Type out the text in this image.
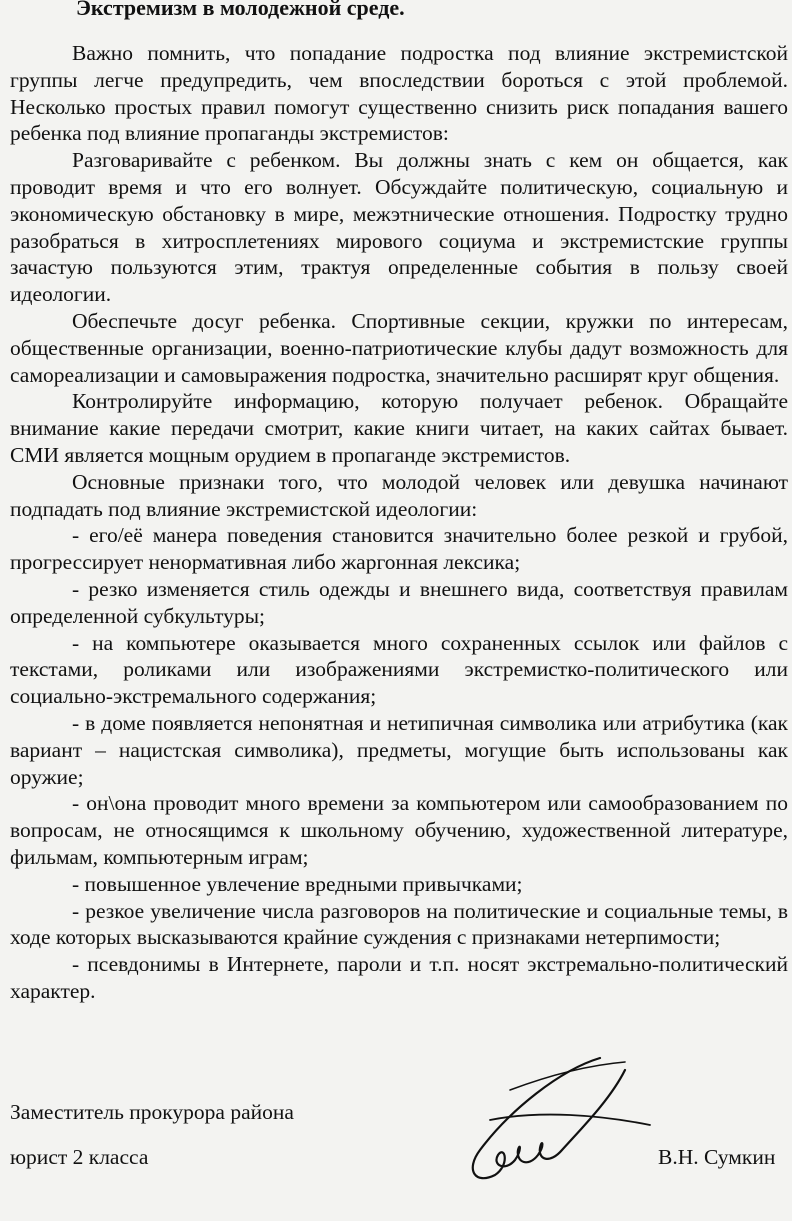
Экстремизм в молодежной среде.

Важно помнить, что попадание подростка под влияние экстремистской группы легче предупредить, чем впоследствии бороться с этой проблемой. Несколько простых правил помогут существенно снизить риск попадания вашего ребенка под влияние пропаганды экстремистов:

Разговаривайте с ребенком. Вы должны знать с кем он общается, как проводит время и что его волнует. Обсуждайте политическую, социальную и экономическую обстановку в мире, межэтнические отношения. Подростку трудно разобраться в хитросплетениях мирового социума и экстремистские группы зачастую пользуются этим, трактуя определенные события в пользу своей идеологии.

Обеспечьте досуг ребенка. Спортивные секции, кружки по интересам, общественные организации, военно-патриотические клубы дадут возможность для самореализации и самовыражения подростка, значительно расширят круг общения.

Контролируйте информацию, которую получает ребенок. Обращайте внимание какие передачи смотрит, какие книги читает, на каких сайтах бывает. СМИ является мощным орудием в пропаганде экстремистов.

Основные признаки того, что молодой человек или девушка начинают подпадать под влияние экстремистской идеологии:

- его/её манера поведения становится значительно более резкой и грубой, прогрессирует ненормативная либо жаргонная лексика;

- резко изменяется стиль одежды и внешнего вида, соответствуя правилам определенной субкультуры;

- на компьютере оказывается много сохраненных ссылок или файлов с текстами, роликами или изображениями экстремистко-политического или социально-экстремального содержания;

- в доме появляется непонятная и нетипичная символика или атрибутика (как вариант – нацистская символика), предметы, могущие быть использованы как оружие;

- он\она проводит много времени за компьютером или самообразованием по вопросам, не относящимся к школьному обучению, художественной литературе, фильмам, компьютерным играм;

- повышенное увлечение вредными привычками;

- резкое увеличение числа разговоров на политические и социальные темы, в ходе которых высказываются крайние суждения с признаками нетерпимости;

- псевдонимы в Интернете, пароли и т.п. носят экстремально-политический характер.

Заместитель прокурора района
юрист 2 класса	В.Н. Сумкин
